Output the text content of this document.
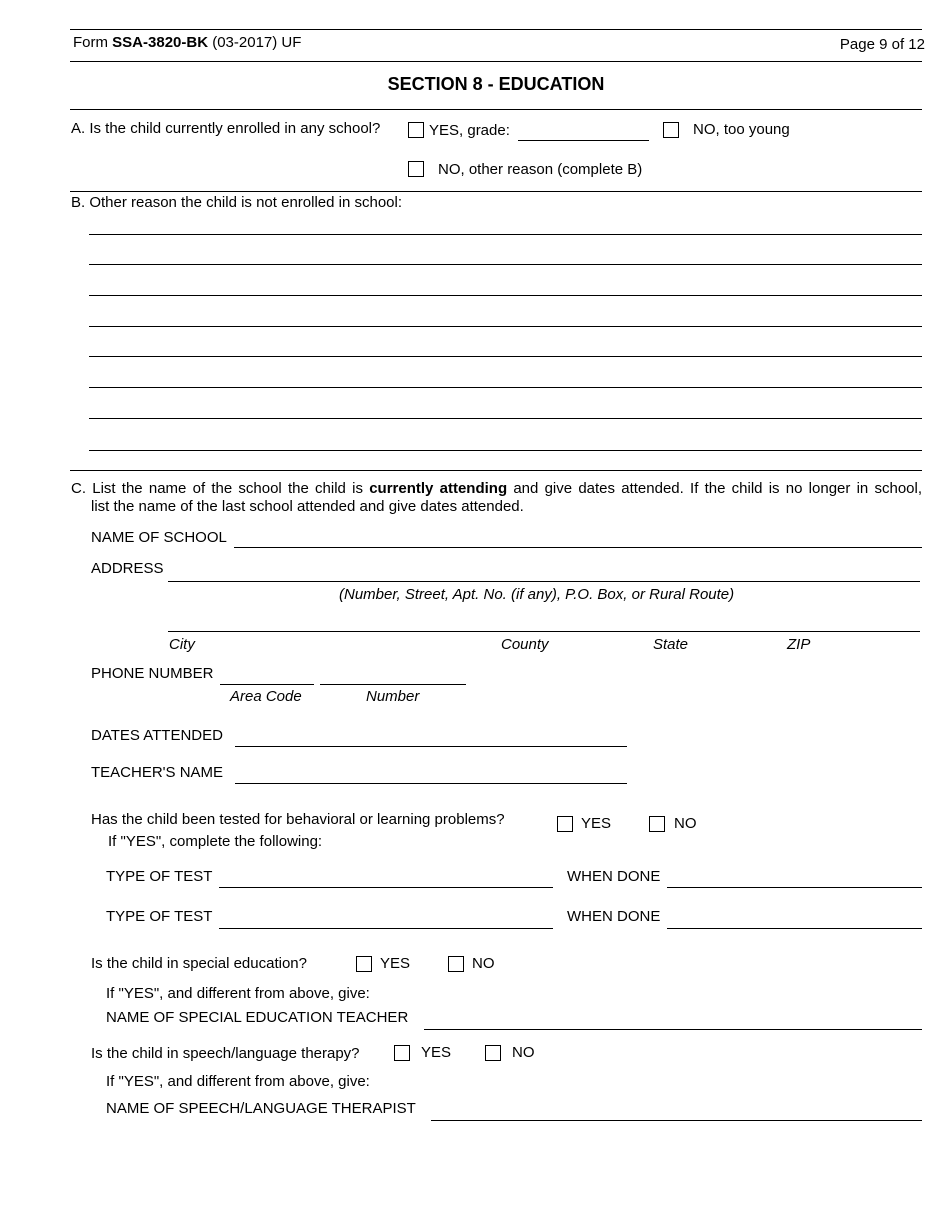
Form SSA-3820-BK (03-2017) UF	Page 9 of 12
SECTION 8 - EDUCATION
A. Is the child currently enrolled in any school?	YES, grade:	NO, too young
NO, other reason (complete B)
B. Other reason the child is not enrolled in school:
C. List the name of the school the child is currently attending and give dates attended. If the child is no longer in school,
list the name of the last school attended and give dates attended.
NAME OF SCHOOL
ADDRESS
(Number, Street, Apt. No. (if any), P.O. Box, or Rural Route)
City	County	State	ZIP
PHONE NUMBER
Area Code	Number
DATES ATTENDED
TEACHER'S NAME
Has the child been tested for behavioral or learning problems?
If "YES", complete the following:
YES	NO
TYPE OF TEST	WHEN DONE
TYPE OF TEST	WHEN DONE
Is the child in special education?	YES	NO
If "YES", and different from above, give:
NAME OF SPECIAL EDUCATION TEACHER
Is the child in speech/language therapy?	YES	NO
If "YES", and different from above, give:
NAME OF SPEECH/LANGUAGE THERAPIST
